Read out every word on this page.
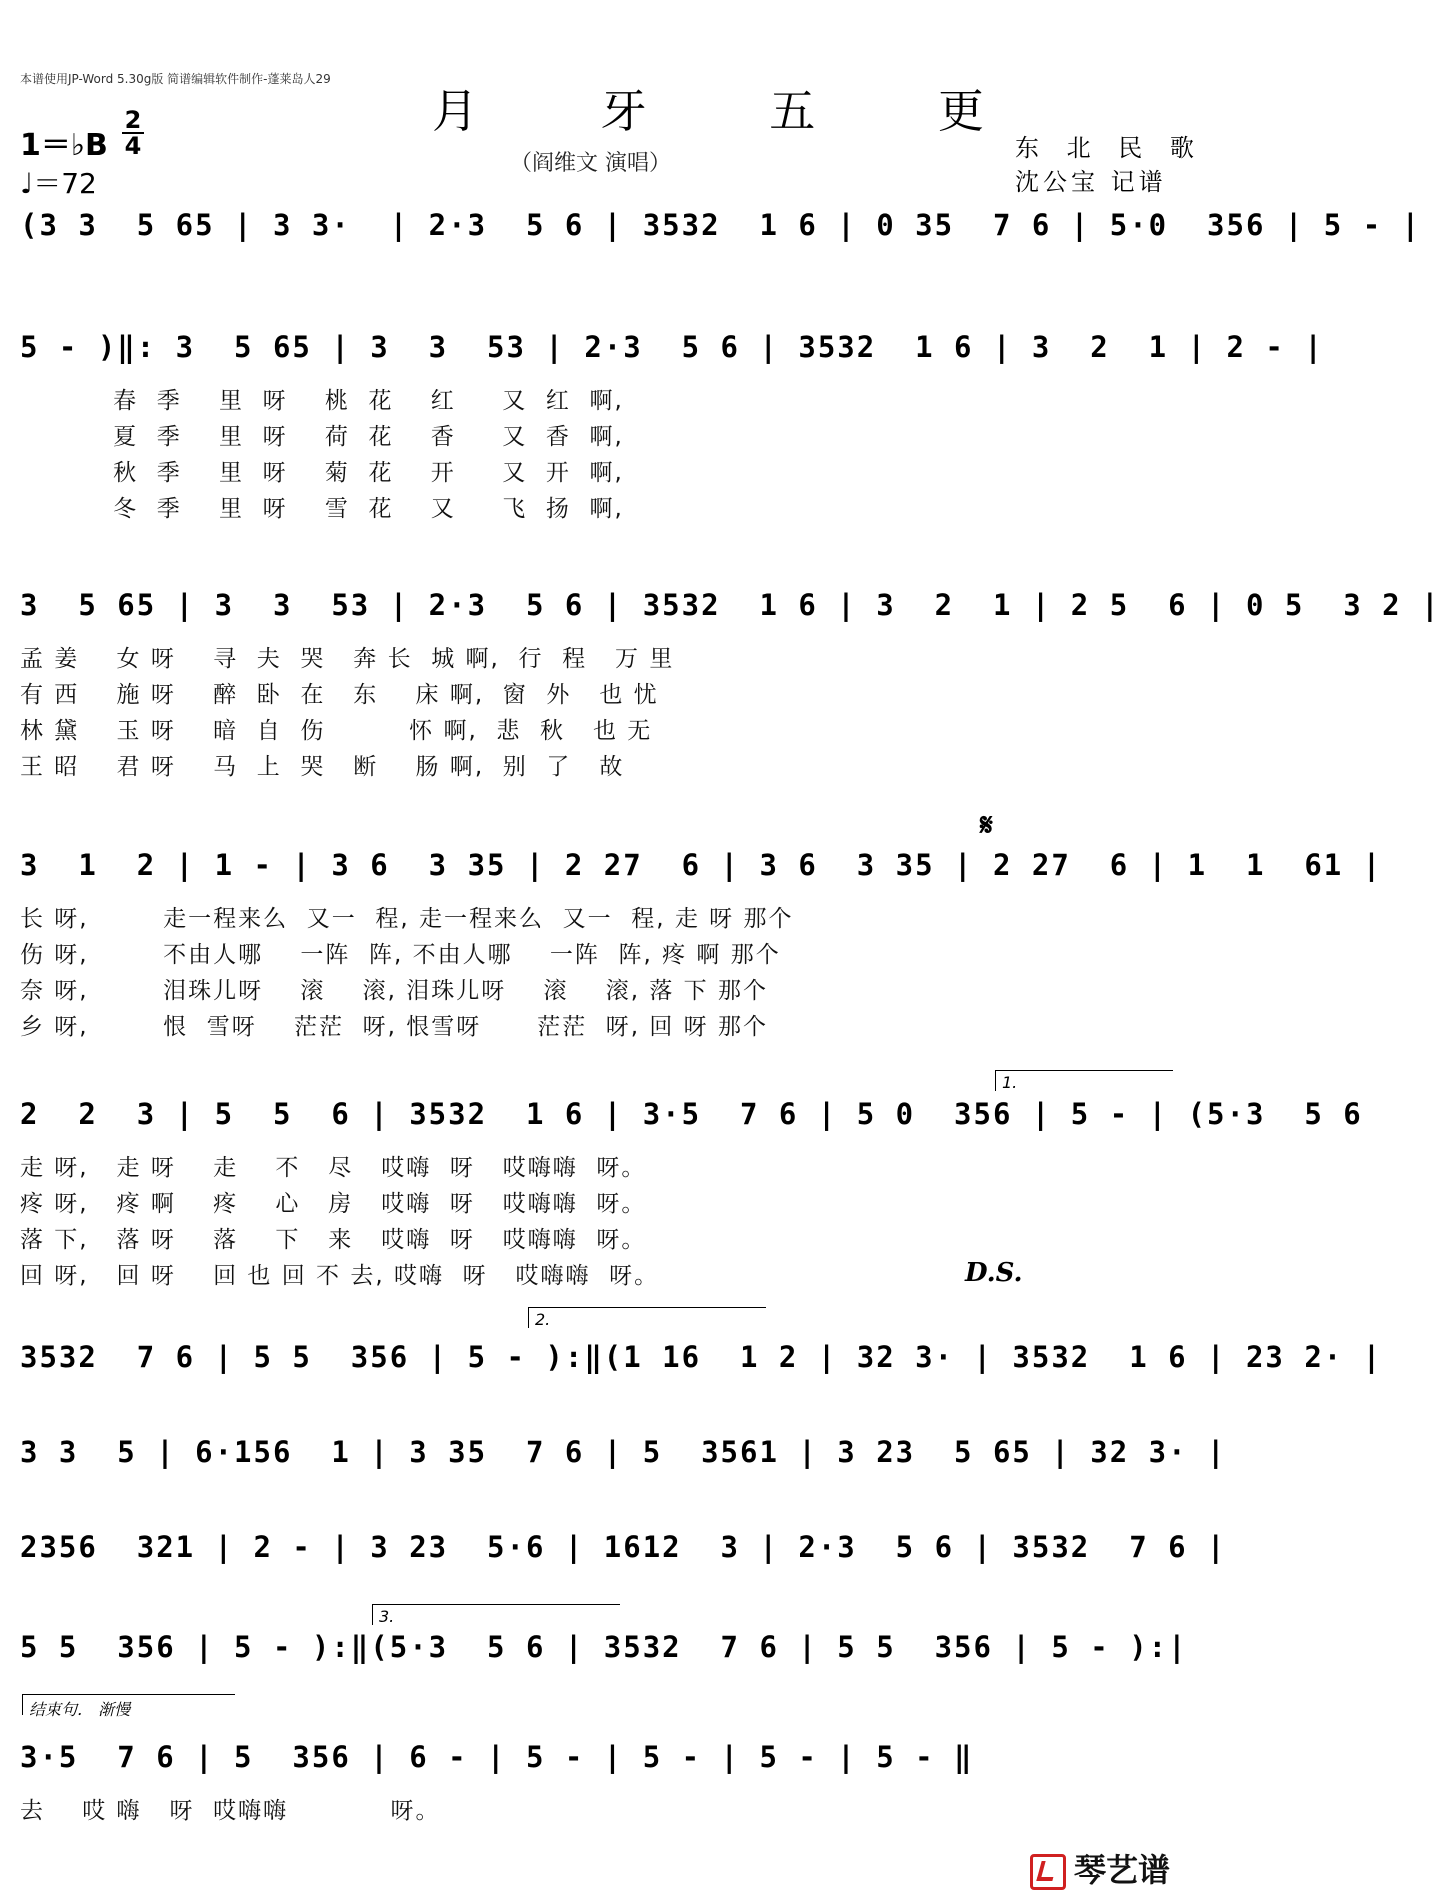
本谱使用JP-Word 5.30g版 简谱编辑软件制作-蓬莱岛人29
月 牙 五 更
（阎维文 演唱）
1＝♭B
2
4
♩＝72
东 北 民 歌
沈公宝 记谱
(3 3  5 65 | 3 3·  | 2·3  5 6 | 3532  1 6 | 0 35  7 6 | 5·0  356 | 5 - |
5 - )‖: 3  5 65 | 3  3  53 | 2·3  5 6 | 3532  1 6 | 3  2  1 | 2 - |
春  季    里  呀    桃  花    红     又  红  啊,
夏  季    里  呀    荷  花    香     又  香  啊,
秋  季    里  呀    菊  花    开     又  开  啊,
冬  季    里  呀    雪  花    又     飞  扬  啊,
3  5 65 | 3  3  53 | 2·3  5 6 | 3532  1 6 | 3  2  1 | 2 5  6 | 0 5  3 2 |
孟 姜    女 呀    寻  夫  哭   奔 长  城 啊,  行  程   万 里
有 西    施 呀    醉  卧  在   东    床 啊,  窗  外   也 忧
林 黛    玉 呀    暗  自  伤         怀 啊,  悲  秋   也 无
王 昭    君 呀    马  上  哭   断    肠 啊,  别  了   故
3  1  2 | 1 - | 3 6  3 35 | 2 27  6 | 3 6  3 35 | 2 27  6 | 1  1  61 |
长 呀,        走一程来么  又一  程, 走一程来么  又一  程, 走 呀 那个
伤 呀,        不由人哪    一阵  阵, 不由人哪    一阵  阵, 疼 啊 那个
奈 呀,        泪珠儿呀    滚    滚, 泪珠儿呀    滚    滚, 落 下 那个
乡 呀,        恨  雪呀    茫茫  呀, 恨雪呀      茫茫  呀, 回 呀 那个
2  2  3 | 5  5  6 | 3532  1 6 | 3·5  7 6 | 5 0  356 | 5 - | (5·3  5 6
走 呀,   走 呀    走    不   尽   哎嗨  呀   哎嗨嗨  呀。
疼 呀,   疼 啊    疼    心   房   哎嗨  呀   哎嗨嗨  呀。
落 下,   落 呀    落    下   来   哎嗨  呀   哎嗨嗨  呀。
回 呀,   回 呀    回 也 回 不 去, 哎嗨  呀   哎嗨嗨  呀。
3532  7 6 | 5 5  356 | 5 - ):‖(1 16  1 2 | 32 3· | 3532  1 6 | 23 2· |
3 3  5 | 6·156  1 | 3 35  7 6 | 5  3561 | 3 23  5 65 | 32 3· |
2356  321 | 2 - | 3 23  5·6 | 1612  3 | 2·3  5 6 | 3532  7 6 |
5 5  356 | 5 - ):‖(5·3  5 6 | 3532  7 6 | 5 5  356 | 5 - ):|
3·5  7 6 | 5  356 | 6 - | 5 - | 5 - | 5 - | 5 - ‖
去    哎 嗨   呀  哎嗨嗨           呀。
𝄋
1.
2.
3.
结束句． 渐慢
D.S.
琴艺谱
